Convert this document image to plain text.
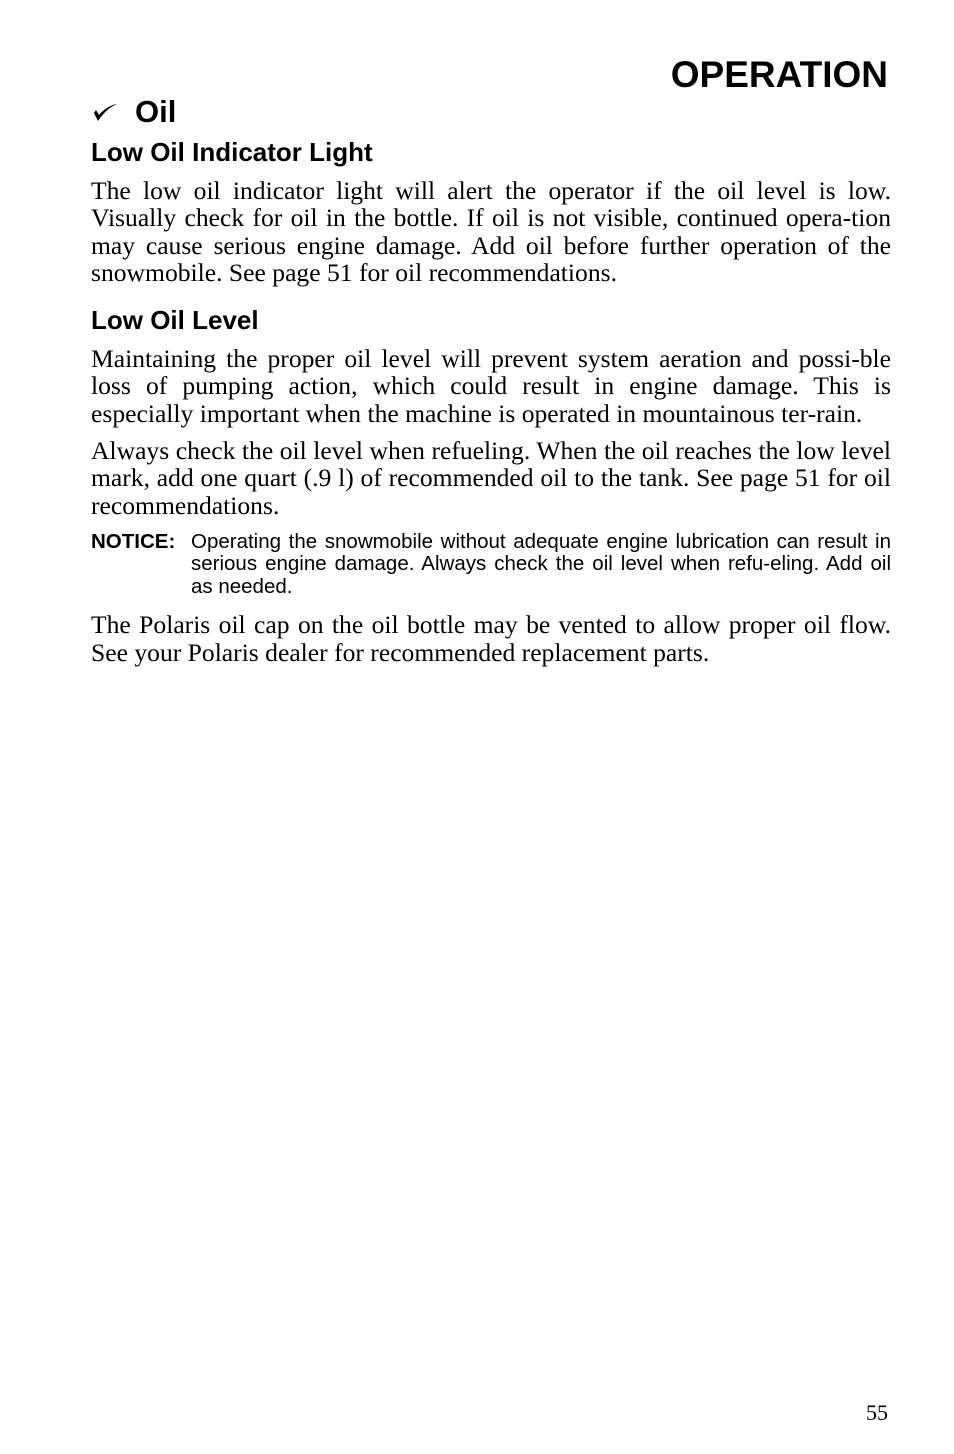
OPERATION
Oil
Low Oil Indicator Light

The low oil indicator light will alert the operator if the oil level is low. Visually check for oil in the bottle. If oil is not visible, continued opera-tion may cause serious engine damage. Add oil before further operation of the snowmobile. See page 51 for oil recommendations.

Low Oil Level

Maintaining the proper oil level will prevent system aeration and possi-ble loss of pumping action, which could result in engine damage. This is especially important when the machine is operated in mountainous ter-rain.

Always check the oil level when refueling. When the oil reaches the low level mark, add one quart (.9 l) of recommended oil to the tank. See page 51 for oil recommendations.

NOTICE: Operating the snowmobile without adequate engine lubrication can result in serious engine damage. Always check the oil level when refu-eling. Add oil as needed.

The Polaris oil cap on the oil bottle may be vented to allow proper oil flow. See your Polaris dealer for recommended replacement parts.

55
